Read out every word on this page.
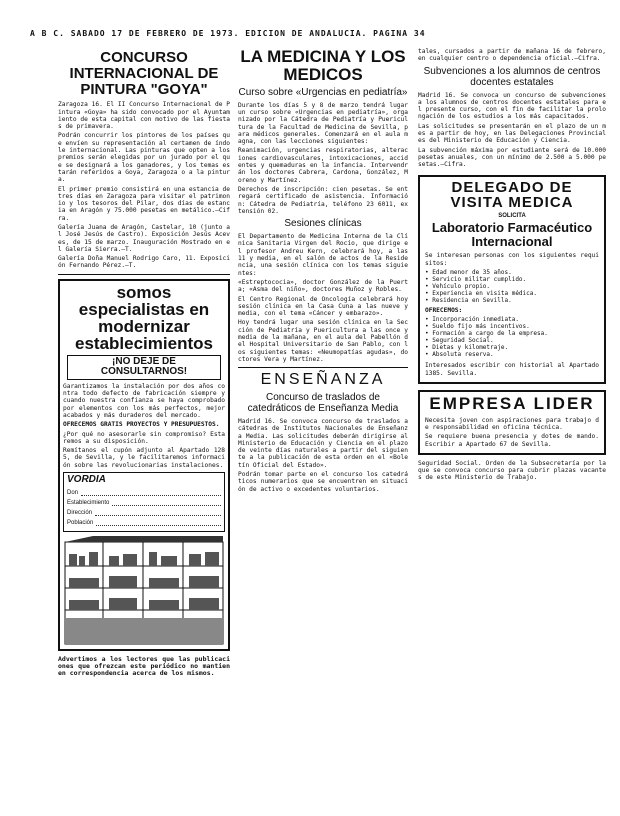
A B C. SABADO 17 DE FEBRERO DE 1973. EDICION DE ANDALUCIA. PAGINA 34
CONCURSO INTERNACIONAL DE PINTURA "GOYA"

Zaragoza 16. El II Concurso Internacional de Pintura «Goya» ha sido convocado por el Ayuntamiento de esta capital con motivo de las fiestas de primavera.

Podrán concurrir los pintores de los países que envíen su representación al certamen de índole internacional. Las pinturas que opten a los premios serán elegidas por un jurado por el que se designará a los ganadores, y los temas estarán referidos a Goya, Zaragoza o a la pintura.

El primer premio consistirá en una estancia de tres días en Zaragoza para visitar el patrimonio y los tesoros del Pilar, dos días de estancia en Aragón y 75.000 pesetas en metálico.—Cifra.

Galería Juana de Aragón, Castelar, 10 (junto al José Jesús de Castro). Exposición Jesús Aceves, de 15 de marzo. Inauguración Mostrado en el Galería Sierra.—T.

Galería Doña Manuel Rodrigo Caro, 11. Exposición Fernando Pérez.—T.

somos especialistas en modernizar establecimientos
¡NO DEJE DE CONSULTARNOS!

Garantizamos la instalación por dos años contra todo defecto de fabricación siempre y cuando nuestra confianza se haya comprobado por elementos con los más perfectos, mejor acabados y más duraderos del mercado.

OFRECEMOS GRATIS PROYECTOS Y PRESUPUESTOS.

¿Por qué no asesorarle sin compromiso? Estaremos a su disposición.

Remítanos el cupón adjunto al Apartado 1285, de Sevilla, y le facilitaremos información sobre las revolucionarias instalaciones.

VORDIA
Don
Establecimiento
Dirección
Población

Advertimos a los lectores que las publicaciones que ofrezcan este periódico no mantienen correspondencia acerca de los mismos.

LA MEDICINA Y LOS MEDICOS
Curso sobre «Urgencias en pediatría»

Durante los días 5 y 8 de marzo tendrá lugar un curso sobre «Urgencias en pediatría», organizado por la Cátedra de Pediatría y Puericultura de la Facultad de Medicina de Sevilla, para médicos generales. Comenzará en el aula magna, con las lecciones siguientes:

Reanimación, urgencias respiratorias, alteraciones cardiovasculares, intoxicaciones, accidentes y quemaduras en la infancia. Intervendrán los doctores Cabrera, Cardona, González, Moreno y Martínez.

Derechos de inscripción: cien pesetas. Se entregará certificado de asistencia. Información: Cátedra de Pediatría, teléfono 23 6011, extensión 02.

Sesiones clínicas

El Departamento de Medicina Interna de la Clínica Sanitaria Virgen del Rocío, que dirige el profesor Andreu Kern, celebrará hoy, a las 11 y media, en el salón de actos de la Residencia, una sesión clínica con los temas siguientes:

«Estreptococia», doctor González de la Puerta; «Asma del niño», doctores Muñoz y Robles.

El Centro Regional de Oncología celebrará hoy sesión clínica en la Casa Cuna a las nueve y media, con el tema «Cáncer y embarazo».

Hoy tendrá lugar una sesión clínica en la Sección de Pediatría y Puericultura a las once y media de la mañana, en el aula del Pabellón del Hospital Universitario de San Pablo, con los siguientes temas: «Neumopatías agudas», doctores Vera y Martínez.

ENSEÑANZA
Concurso de traslados de catedráticos de Enseñanza Media

Madrid 16. Se convoca concurso de traslados a cátedras de Institutos Nacionales de Enseñanza Media. Las solicitudes deberán dirigirse al Ministerio de Educación y Ciencia en el plazo de veinte días naturales a partir del siguiente a la publicación de esta orden en el «Boletín Oficial del Estado».

Podrán tomar parte en el concurso los catedráticos numerarios que se encuentren en situación de activo o excedentes voluntarios.

tales, cursados a partir de mañana 16 de febrero, en cualquier centro o dependencia oficial.—Cifra.

Subvenciones a los alumnos de centros docentes estatales

Madrid 16. Se convoca un concurso de subvenciones a los alumnos de centros docentes estatales para el presente curso, con el fin de facilitar la prolongación de los estudios a los más capacitados.

Las solicitudes se presentarán en el plazo de un mes a partir de hoy, en las Delegaciones Provinciales del Ministerio de Educación y Ciencia.

La subvención máxima por estudiante será de 10.000 pesetas anuales, con un mínimo de 2.500 a 5.000 pesetas.—Cifra.

DELEGADO DE VISITA MEDICA
SOLICITA
Laboratorio Farmacéutico Internacional

Se interesan personas con los siguientes requisitos:

• Edad menor de 35 años.
• Servicio militar cumplido.
• Vehículo propio.
• Experiencia en visita médica.
• Residencia en Sevilla.
OFRECEMOS:
• Incorporación inmediata.
• Sueldo fijo más incentivos.
• Formación a cargo de la empresa.
• Seguridad Social.
• Dietas y kilometraje.
• Absoluta reserva.

Interesados escribir con historial al Apartado 1385. Sevilla.

EMPRESA LIDER

Necesita joven con aspiraciones para trabajo de responsabilidad en oficina técnica.

Se requiere buena presencia y dotes de mando. Escribir a Apartado 67 de Sevilla.

Seguridad Social. Orden de la Subsecretaría por la que se convoca concurso para cubrir plazas vacantes de este Ministerio de Trabajo.
